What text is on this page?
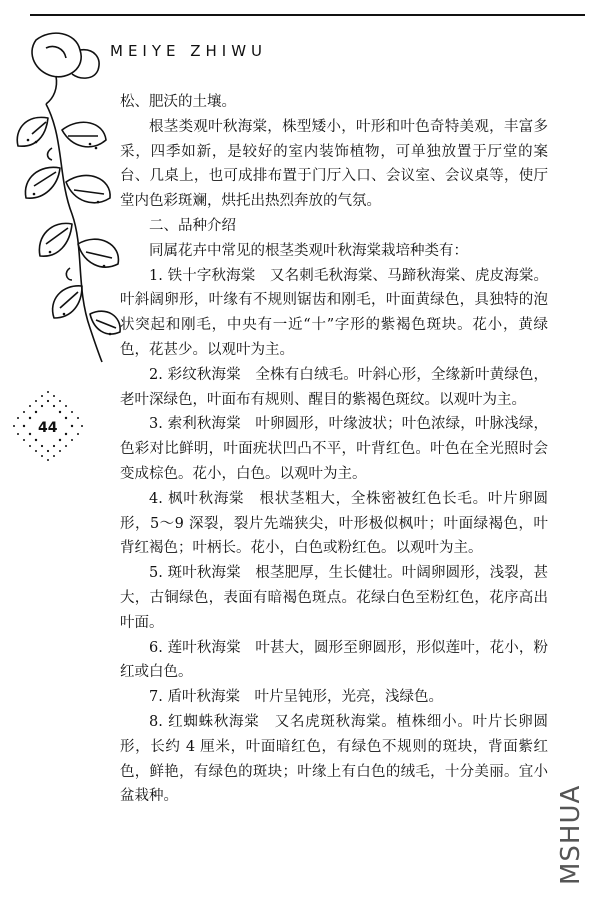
MEIYE ZHIWU
44

松、肥沃的土壤。

根茎类观叶秋海棠，株型矮小，叶形和叶色奇特美观，丰富多采，四季如新，是较好的室内装饰植物，可单独放置于厅堂的案台、几桌上，也可成排布置于门厅入口、会议室、会议桌等，使厅堂内色彩斑斓，烘托出热烈奔放的气氛。

二、品种介绍

同属花卉中常见的根茎类观叶秋海棠栽培种类有：

1. 铁十字秋海棠　又名刺毛秋海棠、马蹄秋海棠、虎皮海棠。叶斜阔卵形，叶缘有不规则锯齿和刚毛，叶面黄绿色，具独特的泡状突起和刚毛，中央有一近“十”字形的紫褐色斑块。花小，黄绿色，花甚少。以观叶为主。

2. 彩纹秋海棠　全株有白绒毛。叶斜心形，全缘新叶黄绿色，老叶深绿色，叶面布有规则、醒目的紫褐色斑纹。以观叶为主。

3. 索利秋海棠　叶卵圆形，叶缘波状；叶色浓绿，叶脉浅绿，色彩对比鲜明，叶面疣状凹凸不平，叶背红色。叶色在全光照时会变成棕色。花小，白色。以观叶为主。

4. 枫叶秋海棠　根状茎粗大，全株密被红色长毛。叶片卵圆形，5～9 深裂，裂片先端狭尖，叶形极似枫叶；叶面绿褐色，叶背红褐色；叶柄长。花小，白色或粉红色。以观叶为主。

5. 斑叶秋海棠　根茎肥厚，生长健壮。叶阔卵圆形，浅裂，甚大，古铜绿色，表面有暗褐色斑点。花绿白色至粉红色，花序高出叶面。

6. 莲叶秋海棠　叶甚大，圆形至卵圆形，形似莲叶，花小，粉红或白色。

7. 盾叶秋海棠　叶片呈钝形，光亮，浅绿色。

8. 红蜘蛛秋海棠　又名虎斑秋海棠。植株细小。叶片长卵圆形，长约 4 厘米，叶面暗红色，有绿色不规则的斑块，背面紫红色，鲜艳，有绿色的斑块；叶缘上有白色的绒毛，十分美丽。宜小盆栽种。	MSHUA
